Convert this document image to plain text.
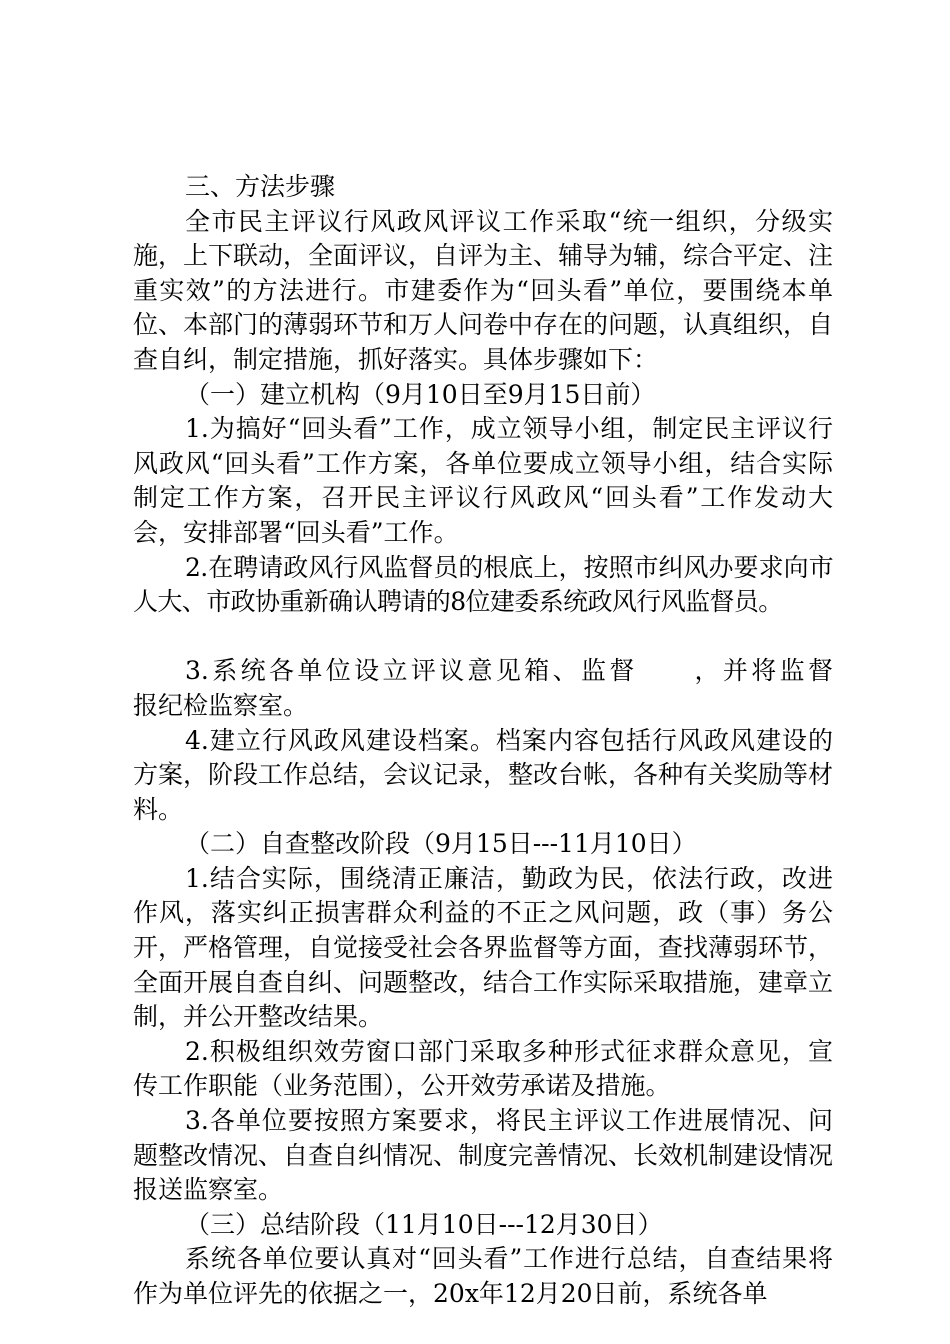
三、方法步骤

全市民主评议行风政风评议工作采取“统一组织，分级实施，上下联动，全面评议，自评为主、辅导为辅，综合平定、注重实效”的方法进行。市建委作为“回头看”单位，要围绕本单位、本部门的薄弱环节和万人问卷中存在的问题，认真组织，自查自纠，制定措施，抓好落实。具体步骤如下：

（一）建立机构（9月10日至9月15日前）

1.为搞好“回头看”工作，成立领导小组，制定民主评议行风政风“回头看”工作方案，各单位要成立领导小组，结合实际制定工作方案，召开民主评议行风政风“回头看”工作发动大会，安排部署“回头看”工作。

2.在聘请政风行风监督员的根底上，按照市纠风办要求向市人大、市政协重新确认聘请的8位建委系统政风行风监督员。

3.系统各单位设立评议意见箱、监督　　，并将监督　　报纪检监察室。

4.建立行风政风建设档案。档案内容包括行风政风建设的方案，阶段工作总结，会议记录，整改台帐，各种有关奖励等材料。

（二）自查整改阶段（9月15日---11月10日）

1.结合实际，围绕清正廉洁，勤政为民，依法行政，改进作风，落实纠正损害群众利益的不正之风问题，政（事）务公开，严格管理，自觉接受社会各界监督等方面，查找薄弱环节，全面开展自查自纠、问题整改，结合工作实际采取措施，建章立制，并公开整改结果。

2.积极组织效劳窗口部门采取多种形式征求群众意见，宣传工作职能（业务范围），公开效劳承诺及措施。

3.各单位要按照方案要求，将民主评议工作进展情况、问题整改情况、自查自纠情况、制度完善情况、长效机制建设情况报送监察室。

（三）总结阶段（11月10日---12月30日）

系统各单位要认真对“回头看”工作进行总结，自查结果将作为单位评先的依据之一，20x年12月20日前，系统各单
